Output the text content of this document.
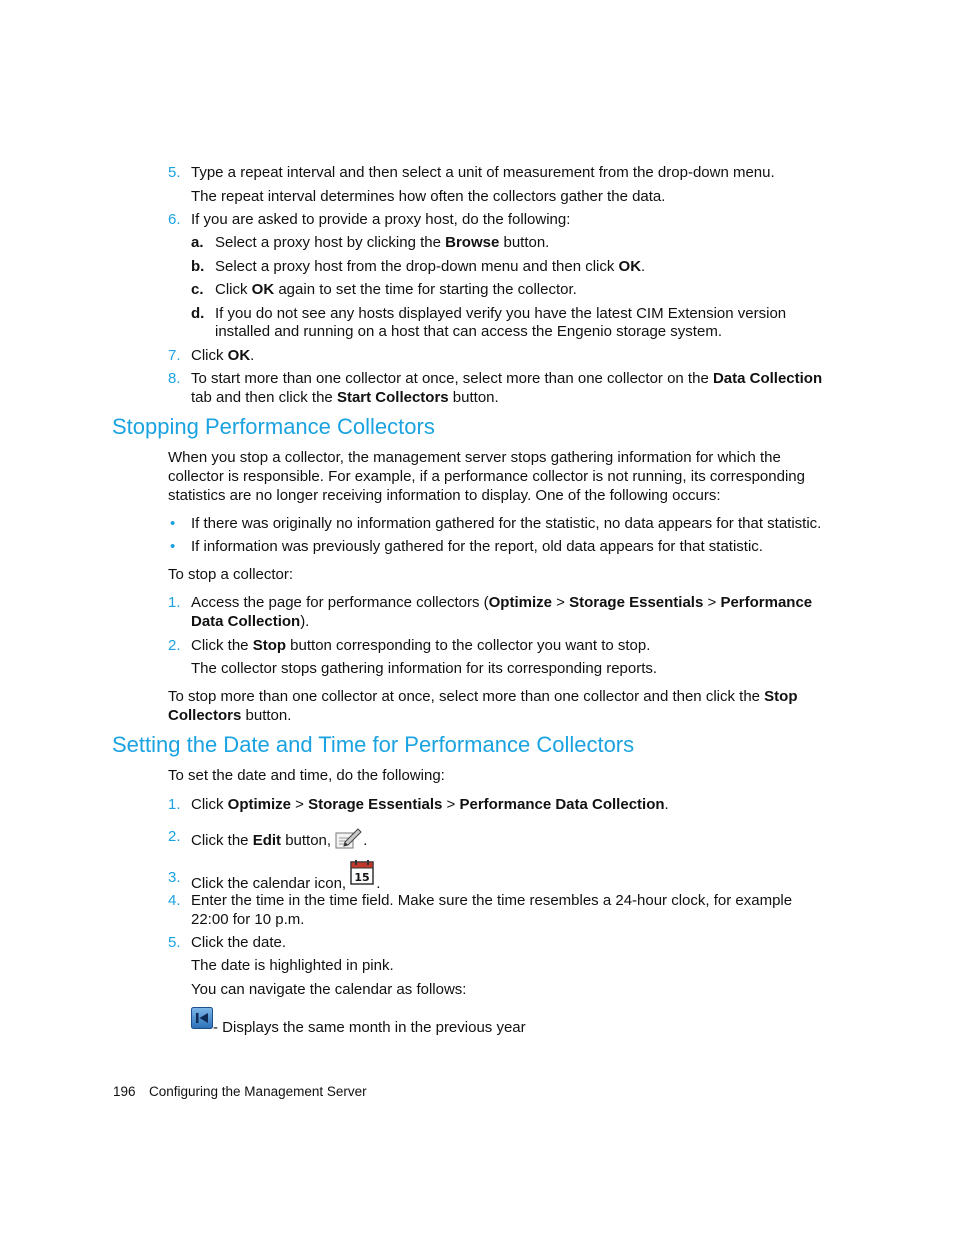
5. Type a repeat interval and then select a unit of measurement from the drop-down menu.

The repeat interval determines how often the collectors gather the data.

6. If you are asked to provide a proxy host, do the following:

a. Select a proxy host by clicking the Browse button.

b. Select a proxy host from the drop-down menu and then click OK.

c. Click OK again to set the time for starting the collector.

d. If you do not see any hosts displayed verify you have the latest CIM Extension version

installed and running on a host that can access the Engenio storage system.

7. Click OK.

8. To start more than one collector at once, select more than one collector on the Data Collection

tab and then click the Start Collectors button.

Stopping Performance Collectors

When you stop a collector, the management server stops gathering information for which the

collector is responsible. For example, if a performance collector is not running, its corresponding

statistics are no longer receiving information to display. One of the following occurs:

• If there was originally no information gathered for the statistic, no data appears for that statistic.

• If information was previously gathered for the report, old data appears for that statistic.

To stop a collector:

1. Access the page for performance collectors (Optimize > Storage Essentials > Performance

Data Collection).

2. Click the Stop button corresponding to the collector you want to stop.

The collector stops gathering information for its corresponding reports.

To stop more than one collector at once, select more than one collector and then click the Stop

Collectors button.

Setting the Date and Time for Performance Collectors

To set the date and time, do the following:

1. Click Optimize > Storage Essentials > Performance Data Collection.

2. Click the Edit button, .

3. Click the calendar icon, 15 .

4. Enter the time in the time field. Make sure the time resembles a 24-hour clock, for example

22:00 for 10 p.m.

5. Click the date.

The date is highlighted in pink.

You can navigate the calendar as follows:

- Displays the same month in the previous year

196 Configuring the Management Server
